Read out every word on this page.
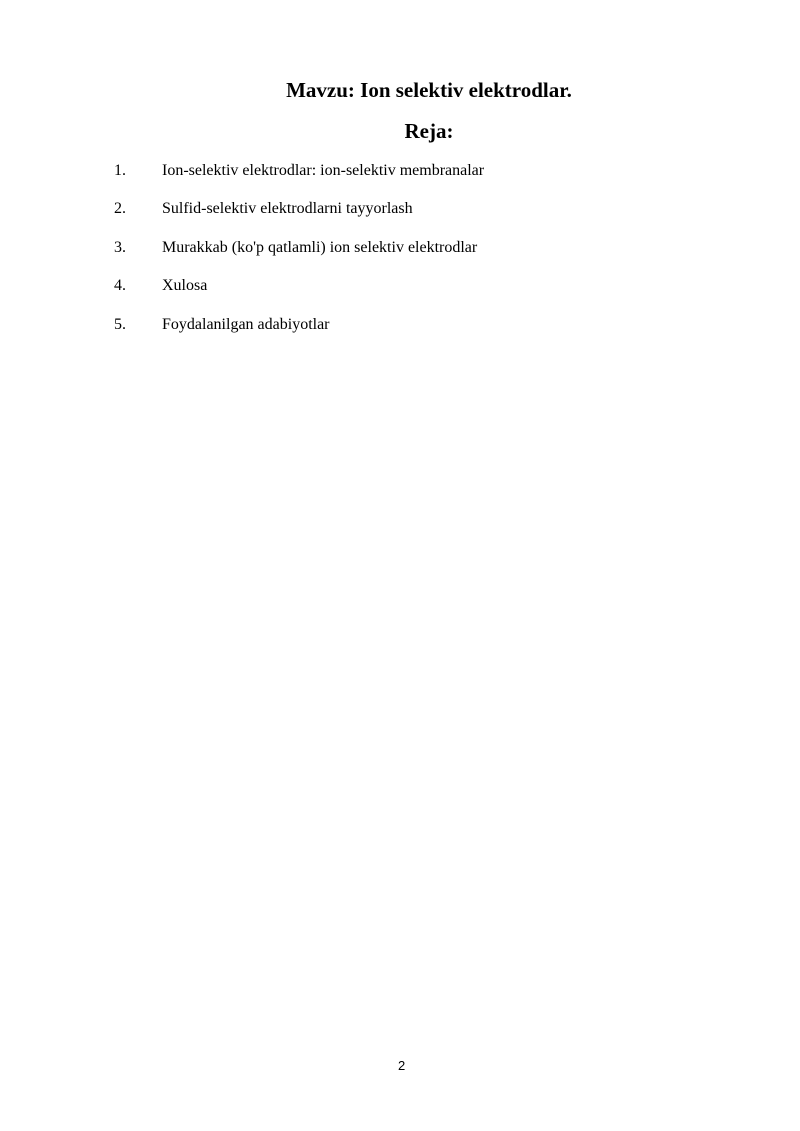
Mavzu: Ion selektiv elektrodlar.
Reja:
1. Ion-selektiv elektrodlar: ion-selektiv membranalar
2. Sulfid-selektiv elektrodlarni tayyorlash
3. Murakkab (ko'p qatlamli) ion selektiv elektrodlar
4. Xulosa
5. Foydalanilgan adabiyotlar
2
